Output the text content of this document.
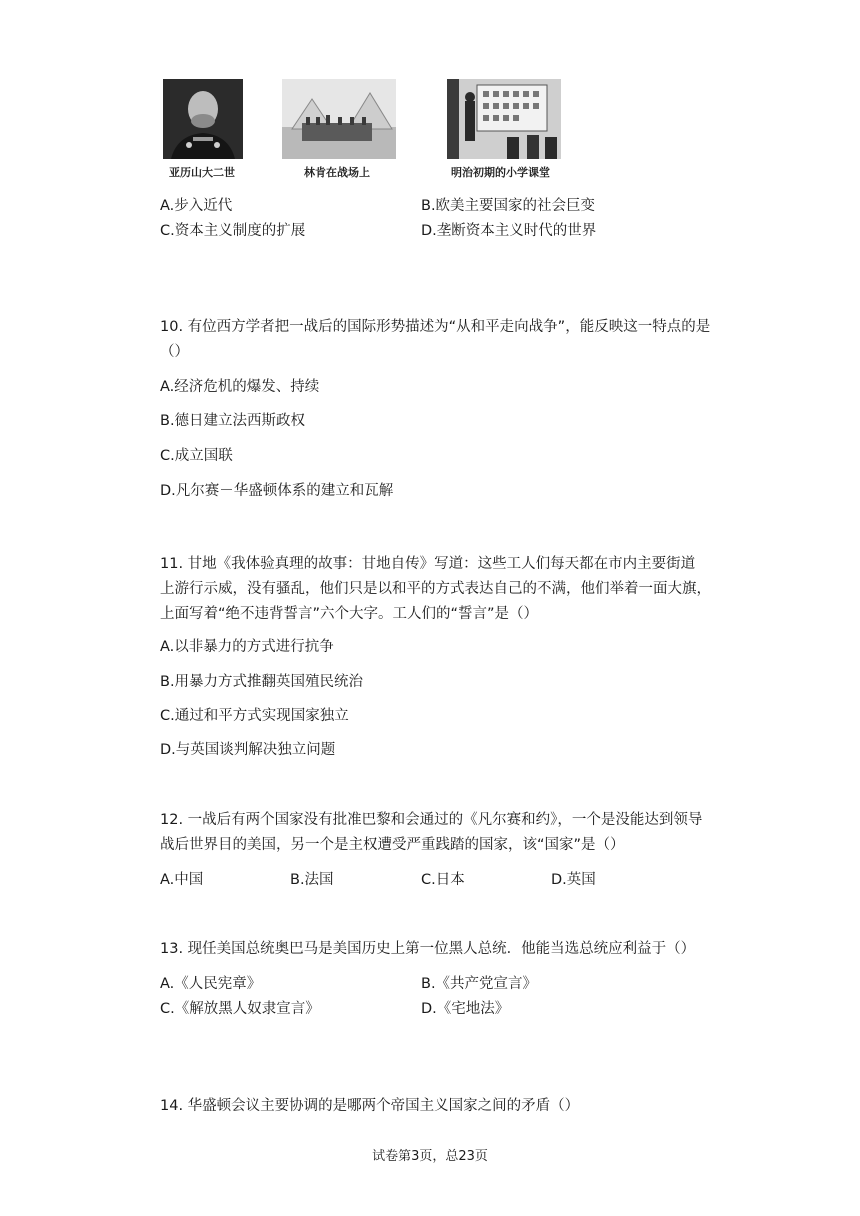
亚历山大二世	林肯在战场上	明治初期的小学课堂
A.步入近代	B.欧美主要国家的社会巨变
C.资本主义制度的扩展	D.垄断资本主义时代的世界
10. 有位西方学者把一战后的国际形势描述为“从和平走向战争”，能反映这一特点的是
（）
A.经济危机的爆发、持续
B.德日建立法西斯政权
C.成立国联
D.凡尔赛－华盛顿体系的建立和瓦解
11. 甘地《我体验真理的故事：甘地自传》写道：这些工人们每天都在市内主要街道
上游行示威，没有骚乱，他们只是以和平的方式表达自己的不满，他们举着一面大旗，
上面写着“绝不违背誓言”六个大字。工人们的“誓言”是（）
A.以非暴力的方式进行抗争
B.用暴力方式推翻英国殖民统治
C.通过和平方式实现国家独立
D.与英国谈判解决独立问题
12. 一战后有两个国家没有批准巴黎和会通过的《凡尔赛和约》，一个是没能达到领导
战后世界目的美国，另一个是主权遭受严重践踏的国家，该“国家”是（）
A.中国	B.法国	C.日本	D.英国
13. 现任美国总统奥巴马是美国历史上第一位黑人总统．他能当选总统应利益于（）
A.《人民宪章》	B.《共产党宣言》
C.《解放黑人奴隶宣言》	D.《宅地法》
14. 华盛顿会议主要协调的是哪两个帝国主义国家之间的矛盾（）
试卷第3页，总23页
